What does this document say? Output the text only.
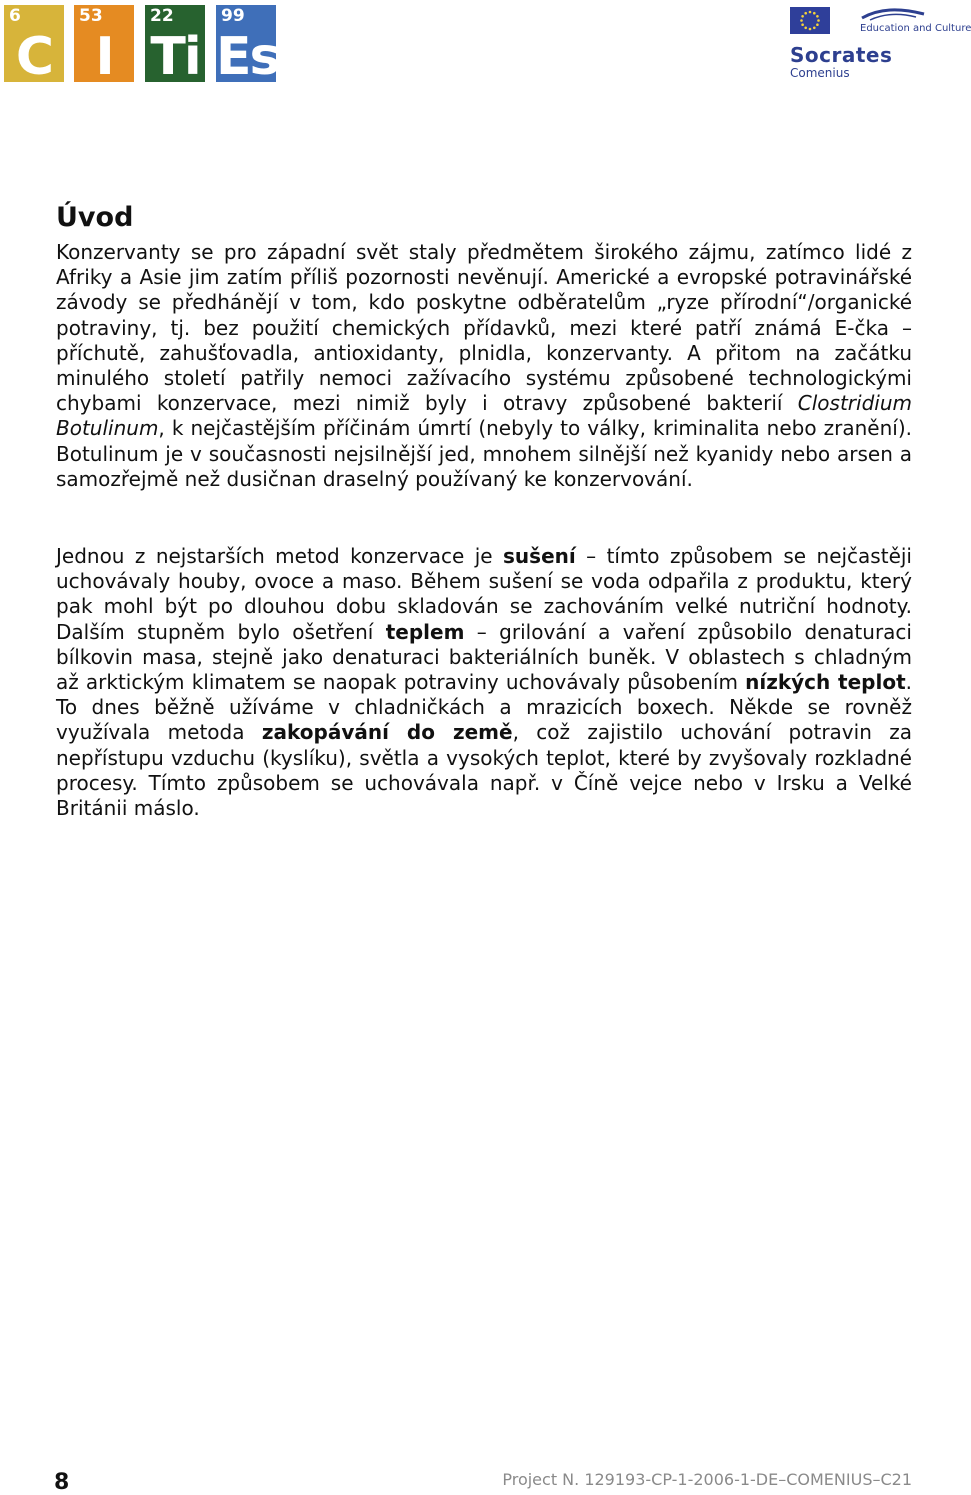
6
C
53
I
22
Ti
99
Es	Education and Culture
Socrates
Comenius
Úvod

Konzervanty se pro západní svět staly předmětem širokého zájmu, zatímco lidé z Afriky a Asie jim zatím příliš pozornosti nevěnují. Americké a evropské potravinářské závody se předhánějí v tom, kdo poskytne odběratelům „ryze přírodní“/organické potraviny, tj. bez použití chemických přídavků, mezi které patří známá E-čka – příchutě, zahušťovadla, antioxidanty, plnidla, konzervanty. A přitom na začátku minulého století patřily nemoci zažívacího systému způsobené technologickými chybami konzervace, mezi nimiž byly i otravy způsobené bakterií Clostridium Botulinum, k nejčastějším příčinám úmrtí (nebyly to války, kriminalita nebo zranění). Botulinum je v současnosti nejsilnější jed, mnohem silnější než kyanidy nebo arsen a samozřejmě než dusičnan draselný používaný ke konzervování.

Jednou z nejstarších metod konzervace je sušení – tímto způsobem se nejčastěji uchovávaly houby, ovoce a maso. Během sušení se voda odpařila z produktu, který pak mohl být po dlouhou dobu skladován se zachováním velké nutriční hodnoty. Dalším stupněm bylo ošetření teplem – grilování a vaření způsobilo denaturaci bílkovin masa, stejně jako denaturaci bakteriálních buněk. V oblastech s chladným až arktickým klimatem se naopak potraviny uchovávaly působením nízkých teplot. To dnes běžně užíváme v chladničkách a mrazicích boxech. Někde se rovněž využívala metoda zakopávání do země, což zajistilo uchování potravin za nepřístupu vzduchu (kyslíku), světla a vysokých teplot, které by zvyšovaly rozkladné procesy. Tímto způsobem se uchovávala např. v Číně vejce nebo v Irsku a Velké Británii máslo.

8	Project N. 129193-CP-1-2006-1-DE–COMENIUS–C21
